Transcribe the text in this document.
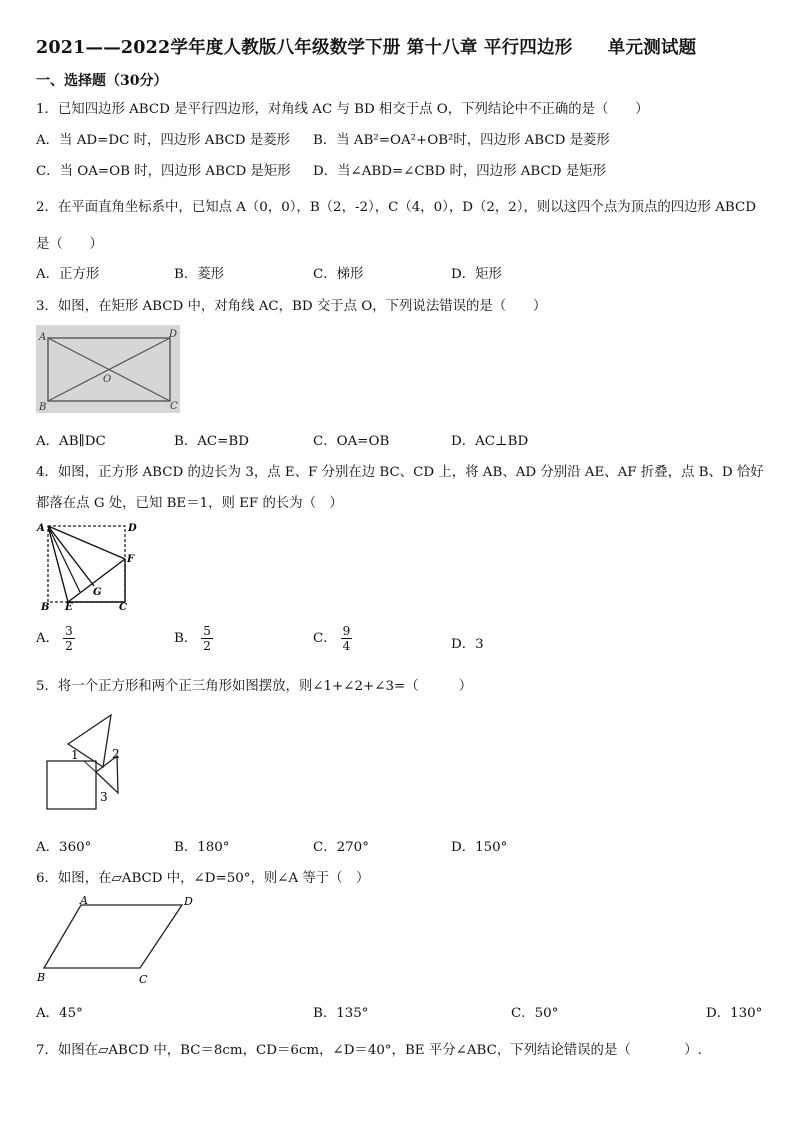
2021——2022学年度人教版八年级数学下册 第十八章 平行四边形　　单元测试题
一、选择题（30分）
1．已知四边形 ABCD 是平行四边形，对角线 AC 与 BD 相交于点 O，下列结论中不正确的是（　　）
A．当 AD=DC 时，四边形 ABCD 是菱形 B．当 AB²=OA²+OB²时，四边形 ABCD 是菱形
C．当 OA=OB 时，四边形 ABCD 是矩形 D．当∠ABD=∠CBD 时，四边形 ABCD 是矩形
2．在平面直角坐标系中，已知点 A（0，0），B（2，-2），C（4，0），D（2，2），则以这四个点为顶点的四边形 ABCD
是（　　）
A．正方形	B．菱形	C．梯形	D．矩形
3．如图，在矩形 ABCD 中，对角线 AC，BD 交于点 O，下列说法错误的是（　　）
A	D
B	C
O
A．AB∥DC	B．AC=BD	C．OA=OB	D．AC⊥BD
4．如图，正方形 ABCD 的边长为 3，点 E、F 分别在边 BC、CD 上，将 AB、AD 分别沿 AE、AF 折叠，点 B、D 恰好
都落在点 G 处，已知 BE＝1，则 EF 的长为（　）
A	D
F
B E
G
C
A． $\frac{3}{2}$	B． $\frac{5}{2}$	C． $\frac{9}{4}$	D．3
5．将一个正方形和两个正三角形如图摆放，则∠1+∠2+∠3=（　　　）
1	2
3
A．360°	B．180°	C．270°	D．150°
6．如图，在▱ABCD 中，∠D=50°，则∠A 等于（　）
A	D
B	C
A．45°	B．135°	C．50°	D．130°
7．如图在▱ABCD 中，BC＝8cm，CD＝6cm，∠D＝40°，BE 平分∠ABC，下列结论错误的是（　　　　）.
